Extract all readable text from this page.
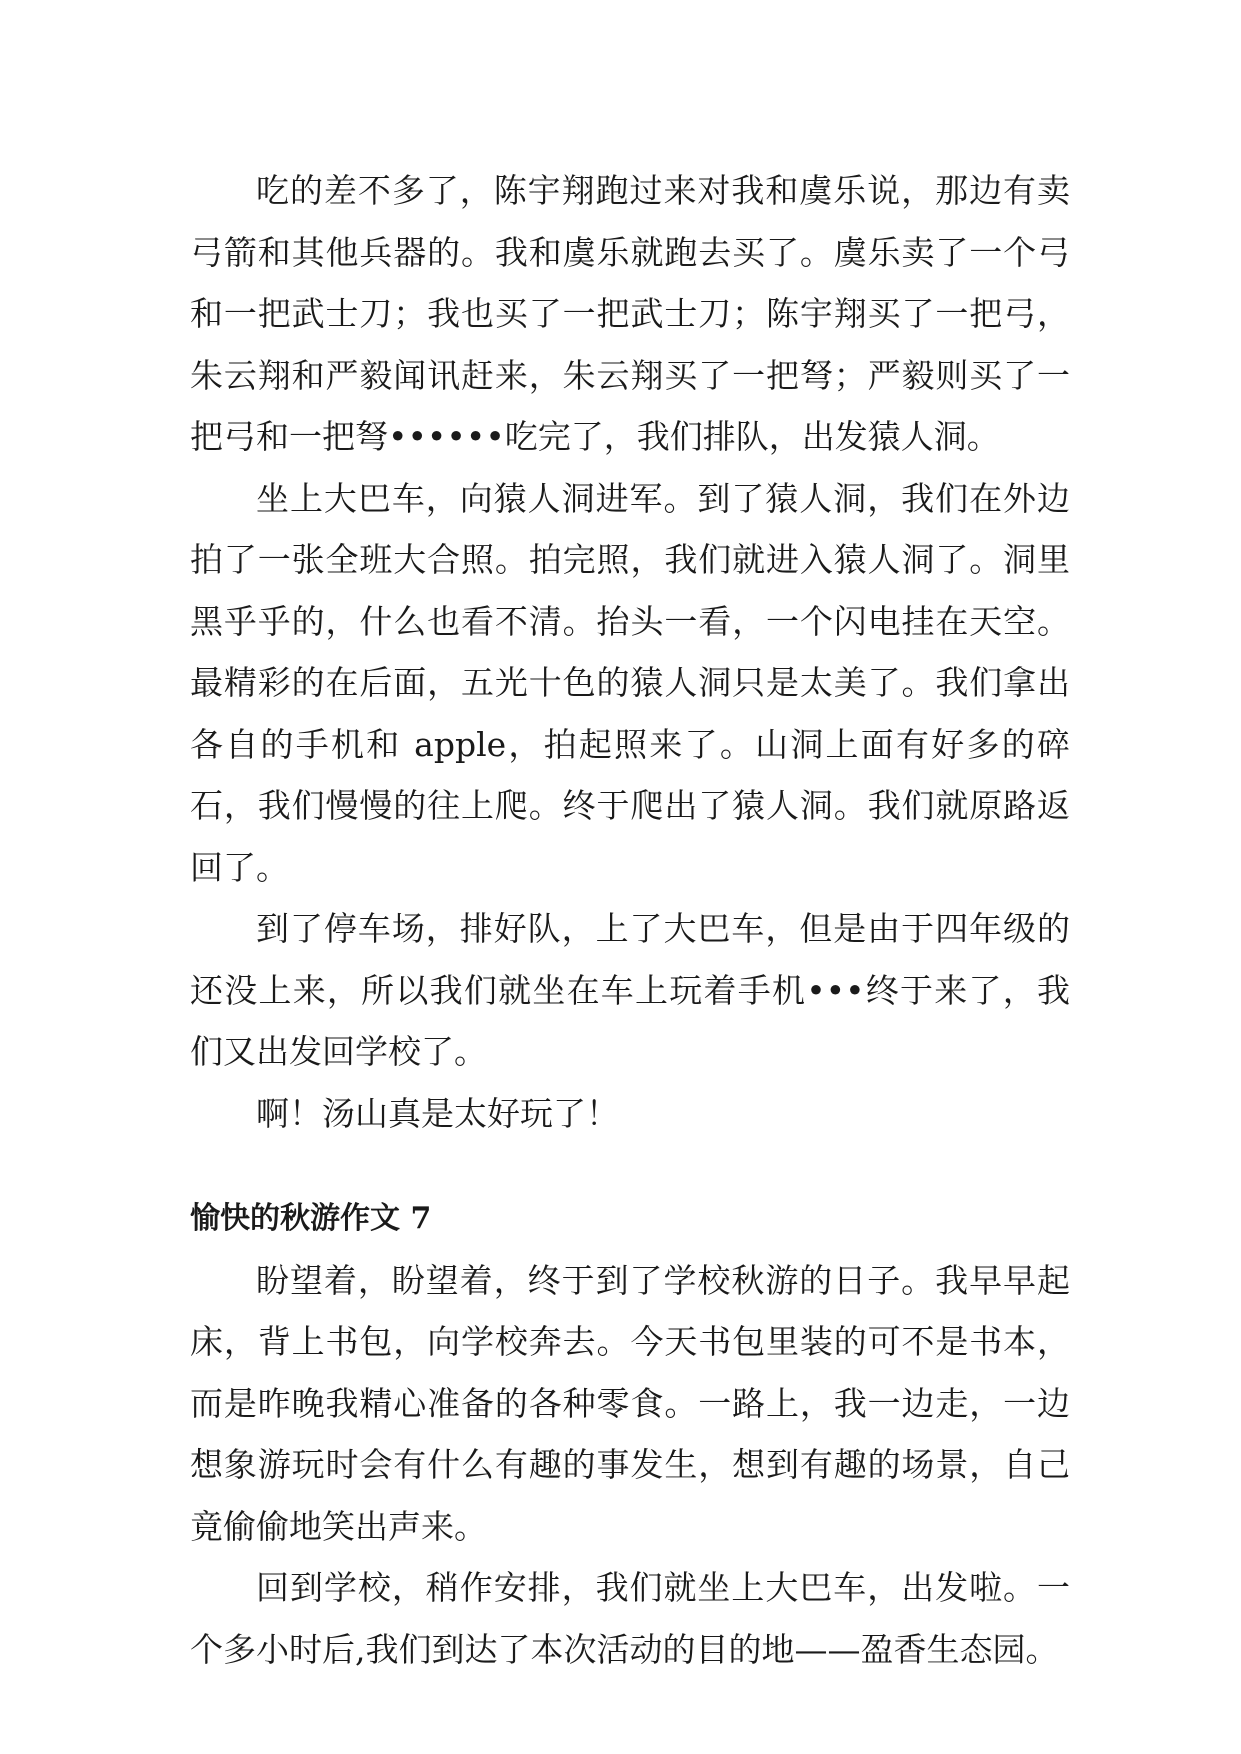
吃的差不多了，陈宇翔跑过来对我和虞乐说，那边有卖弓箭和其他兵器的。我和虞乐就跑去买了。虞乐卖了一个弓和一把武士刀；我也买了一把武士刀；陈宇翔买了一把弓，朱云翔和严毅闻讯赶来，朱云翔买了一把弩；严毅则买了一把弓和一把弩••••••吃完了，我们排队，出发猿人洞。

坐上大巴车，向猿人洞进军。到了猿人洞，我们在外边拍了一张全班大合照。拍完照，我们就进入猿人洞了。洞里黑乎乎的，什么也看不清。抬头一看，一个闪电挂在天空。最精彩的在后面，五光十色的猿人洞只是太美了。我们拿出各自的手机和 apple，拍起照来了。山洞上面有好多的碎石，我们慢慢的往上爬。终于爬出了猿人洞。我们就原路返回了。

到了停车场，排好队，上了大巴车，但是由于四年级的还没上来，所以我们就坐在车上玩着手机•••终于来了，我们又出发回学校了。

啊！汤山真是太好玩了！

愉快的秋游作文 7

盼望着，盼望着，终于到了学校秋游的日子。我早早起床，背上书包，向学校奔去。今天书包里装的可不是书本，而是昨晚我精心准备的各种零食。一路上，我一边走，一边想象游玩时会有什么有趣的事发生，想到有趣的场景，自己竟偷偷地笑出声来。

回到学校，稍作安排，我们就坐上大巴车，出发啦。一个多小时后,我们到达了本次活动的目的地——盈香生态园。
